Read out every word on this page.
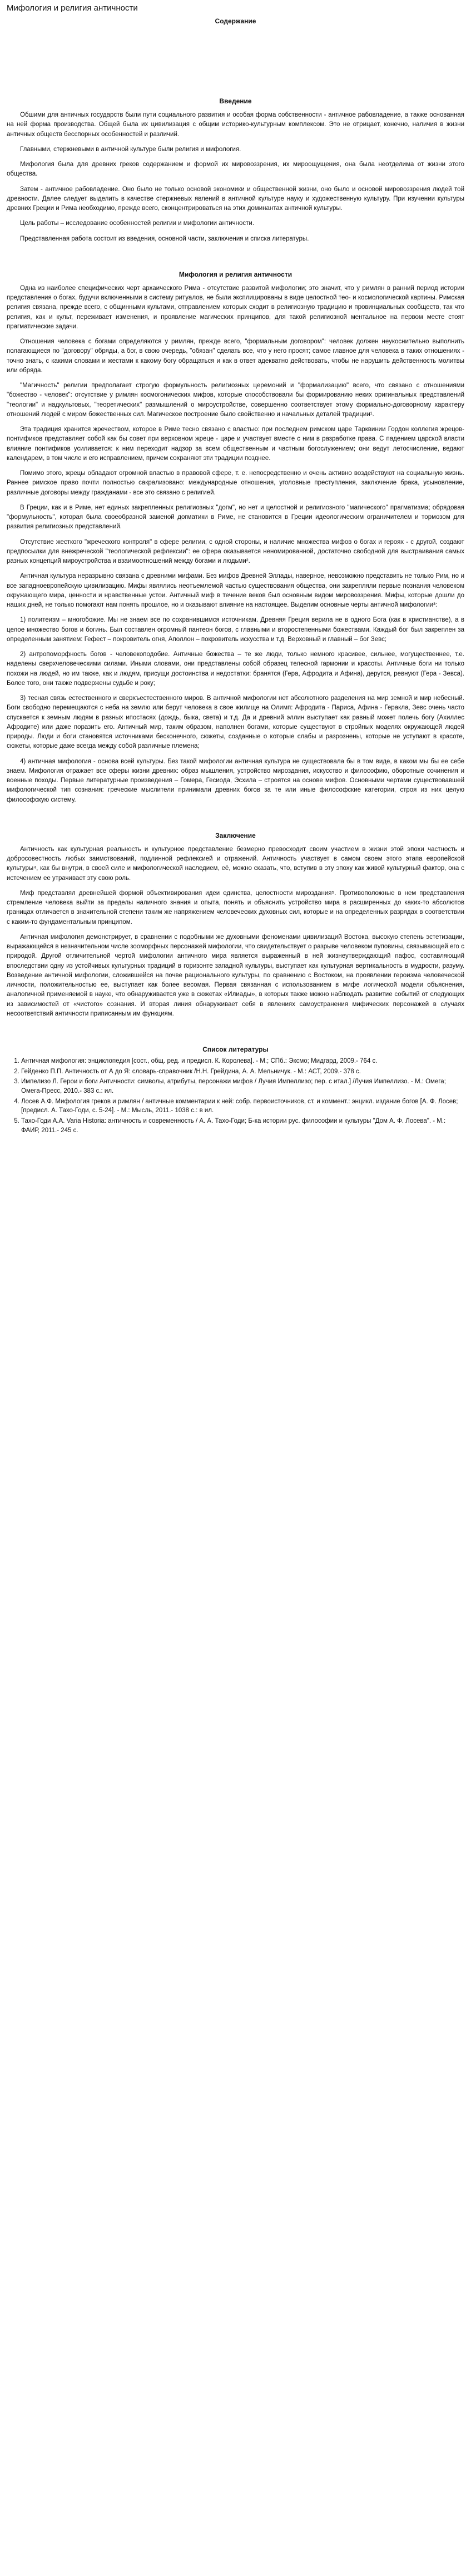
Мифология и религия античности
Содержание
Введение

Обшими для античных государств были пути социального развития и особая форма собственности - античное рабовладение, а также основанная на ней форма производства. Общей была их цивилизация с общим историко-культурным комплексом. Это не отрицает, конечно, наличия в жизни античных обществ бесспорных особенностей и различий.

Главными, стержневыми в античной культуре были религия и мифология.

Мифология была для древних греков содержанием и формой их мировоззрения, их мироощущения, она была неотделима от жизни этого общества.

Затем - античное рабовладение. Оно было не только основой экономики и общественной жизни, оно было и основой мировоззрения людей той древности. Далее следует выделить в качестве стержневых явлений в античной культуре науку и художественную культуру. При изучении культуры древних Греции и Рима необходимо, прежде всего, сконцентрироваться на этих доминантах античной культуры.

Цель работы – исследование особенностей религии и мифологии античности.

Представленная работа состоит из введения, основной части, заключения и списка литературы.

Мифология и религия античности

Одна из наиболее специфических черт архаического Рима - отсутствие развитой мифологии; это значит, что у римлян в ранний период истории представления о богах, будучи включенными в систему ритуалов, не были эксплицированы в виде целостной тео- и космологической картины. Римская религия связана, прежде всего, с общинными культами, отправлением которых сходит в религиозную традицию и провинциальных сообществ, так что религия, как и культ, переживает изменения, и проявление магических принципов, для такой религиозной ментальное на первом месте стоят прагматические задачи.

Отношения человека с богами определяются у римлян, прежде всего, "формальным договором": человек должен неукоснительно выполнить полагающиеся по "договору" обряды, а бог, в свою очередь, "обязан" сделать все, что у него просят; самое главное для человека в таких отношениях - точно знать, с какими словами и жестами к какому богу обращаться и как в ответ адекватно действовать, чтобы не нарушить действенность молитвы или обряда.

"Магичность" религии предполагает строгую формульность религиозных церемоний и "формализацию" всего, что связано с отношениями "божество - человек": отсутствие у римлян космогонических мифов, которые способствовали бы формированию неких оригинальных представлений "теологии" и надкультовых, "теоретических" размышлений о мироустройстве, совершенно соответствует этому формально-договорному характеру отношений людей с миром божественных сил. Магическое построение было свойственно и начальных деталей традиции¹.

Эта традиция хранится жречеством, которое в Риме тесно связано с властью: при последнем римском царе Тарквинии Гордон коллегия жрецов-понтификов представляет собой как бы совет при верховном жреце - царе и участвует вместе с ним в разработке права. С падением царской власти влияние понтификов усиливается: к ним переходит надзор за всем общественным и частным богослужением; они ведут летосчисление, ведают календарем, в том числе и его исправлением, причем сохраняют эти традиции позднее.

Помимо этого, жрецы обладают огромной властью в правовой сфере, т. е. непосредственно и очень активно воздействуют на социальную жизнь. Раннее римское право почти полностью сакрализовано: международные отношения, уголовные преступления, заключение брака, усыновление, различные договоры между гражданами - все это связано с религией.

В Греции, как и в Риме, нет единых закрепленных религиозных "догм", но нет и целостной и религиозного "магического" прагматизма; обрядовая "формульность", которая была своеобразной заменой догматики в Риме, не становится в Греции идеологическим ограничителем и тормозом для развития религиозных представлений.

Отсутствие жесткого "жреческого контроля" в сфере религии, с одной стороны, и наличие множества мифов о богах и героях - с другой, создают предпосылки для внежреческой "теологической рефлексии": ее сфера оказывается неномированной, достаточно свободной для выстраивания самых разных концепций мироустройства и взаимоотношений между богами и людьми².

Античная культура неразрывно связана с древними мифами. Без мифов Древней Эллады, наверное, невозможно представить не только Рим, но и все западноевропейскую цивилизацию. Мифы являлись неотъемлемой частью существования общества, они закрепляли первые познания человеком окружающего мира, ценности и нравственные устои. Античный миф в течение веков был основным видом мировоззрения. Мифы, которые дошли до наших дней, не только помогают нам понять прошлое, но и оказывают влияние на настоящее. Выделим основные черты античной мифологии³:

1) политеизм – многобожие. Мы не знаем все по сохранившимся источникам. Древняя Греция верила не в одного Бога (как в христианстве), а в целое множество богов и богинь. Был составлен огромный пантеон богов, с главными и второстепенными божествами. Каждый бог был закреплен за определенным занятием: Гефест – покровитель огня, Аполлон – покровитель искусства и т.д. Верховный и главный – бог Зевс;

2) антропоморфность богов - человекоподобие. Античные божества – те же люди, только немного красивее, сильнее, могущественнее, т.е. наделены сверхчеловеческими силами. Иными словами, они представлены собой образец телесной гармонии и красоты. Античные боги ни только похожи на людей, но им также, как и людям, присущи достоинства и недостатки: бранятся (Гера, Афродита и Афина), дерутся, ревнуют (Гера - Зевса). Более того, они также подвержены судьбе и року;

3) тесная связь естественного и сверхъестественного миров. В античной мифологии нет абсолютного разделения на мир земной и мир небесный. Боги свободно перемещаются с неба на землю или берут человека в свое жилище на Олимп: Афродита - Париса, Афина - Геракла, Зевс очень часто спускается к земным людям в разных ипостасях (дождь, быка, света) и т.д. Да и древний эллин выступает как равный может полечь богу (Ахиллес Афродите) или даже поразить его. Античный мир, таким образом, наполнен богами, которые существуют в стройных моделях окружающей людей природы. Люди и боги становятся источниками бесконечного, сюжеты, созданные о которые слабы и разрознены, которые не уступают в красоте, сюжеты, которые даже всегда между собой различные племена;

4) античная мифология - основа всей культуры. Без такой мифологии античная культура не существовала бы в том виде, в каком мы бы ее себе знаем. Мифология отражает все сферы жизни древних: образ мышления, устройство мироздания, искусство и философию, оборотные сочинения и военные походы. Первые литературные произведения – Гомера, Гесиода, Эсхила – строятся на основе мифов. Основными чертами существовавшей мифологической тип сознания: греческие мыслители принимали древних богов за те или иные философские категории, строя из них целую философскую систему.

Заключение

Античность как культурная реальность и культурное представление безмерно превосходит своим участием в жизни этой эпохи частность и добросовестность любых заимствований, подлинной рефлексией и отражений. Античность участвует в самом своем этого этапа европейской культуры⁴, как бы внутри, в своей силе и мифологической наследием, её, можно сказать, что, вступив в эту эпоху как живой культурный фактор, она с истечением ее утрачивает эту свою роль.

Миф представлял древнейшей формой объективирования идеи единства, целостности мироздания⁵. Противоположные в нем представления стремление человека выйти за пределы наличного знания и опыта, понять и объяснить устройство мира в расширенных до каких-то абсолютов границах отличается в значительной степени таким же напряжением человеческих духовных сил, которые и на определенных разрядах в соответствии с каким-то фундаментальным принципом.

Античная мифология демонстрирует, в сравнении с подобными же духовными феноменами цивилизаций Востока, высокую степень эстетизации, выражающейся в незначительном числе зооморфных персонажей мифологии, что свидетельствует о разрыве человеком пуповины, связывающей его с природой. Другой отличительной чертой мифологии античного мира является выраженный в ней жизнеутверждающий пафос, составляющий впоследствии одну из устойчивых культурных традиций в горизонте западной культуры, выступает как культурная вертикальность в мудрости, разуму. Возведение античной мифологии, сложившейся на почве рационального культуры, по сравнению с Востоком, на проявлении героизма человеческой личности, положительностью ее, выступает как более весомая. Первая связанная с использованием в мифе логической модели объяснения, аналогичной применяемой в науке, что обнаруживается уже в сюжетах «Илиады», в которых также можно наблюдать развитие событий от следующих из зависимостей от «чистого» сознания. И вторая линия обнаруживает себя в явлениях самоустранения мифических персонажей в случаях несоответствий античности приписанным им функциям.

Список литературы
1. Античная мифология: энциклопедия [сост., общ. ред. и предисл. К. Королева]. - М.; СПб.: Эксмо; Мидгард, 2009.- 764 с.
2. Гейденко П.П. Античность от А до Я: словарь-справочник /Н.Н. Грейдина, А. А. Мельничук. - М.: АСТ, 2009.- 378 с.
3. Импелизо Л. Герои и боги Античности: символы, атрибуты, персонажи мифов / Лучия Импеллизо; пер. с итал.] /Лучия Импеллизо. - М.: Омега; Омега-Пресс, 2010.- 383 с.: ил.
4. Лосев А.Ф. Мифология греков и римлян / античные комментарии к ней: собр. первоисточников, ст. и коммент.: энцикл. издание богов [А. Ф. Лосев; [предисл. А. Тахо-Годи, с. 5-24]. - М.: Мысль, 2011.- 1038 с.: в ил.
5. Тахо-Годи А.А. Varia Historia: античность и современность / А. А. Тахо-Годи; Б-ка истории рус. философии и культуры "Дом А. Ф. Лосева". - М.: ФАИР, 2011.- 245 с.
